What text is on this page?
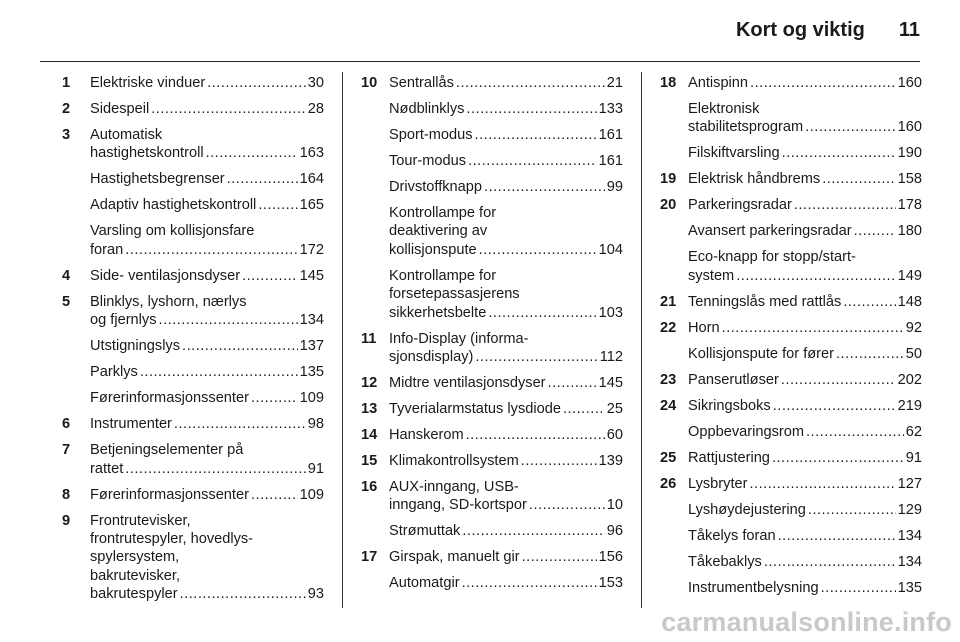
Kort og viktig 11
1 Elektriske vinduer .....	30
2 Sidespeil .....	28
3 Automatisk
hastighetskontroll .....	163
Hastighetsbegrenser .....	164
Adaptiv hastighetskontroll .....	165
Varsling om kollisjonsfare
foran .....	172
4 Side- ventilasjonsdyser .....	145
5 Blinklys, lyshorn, nærlys
og fjernlys .....	134
Utstigningslys .....	137
Parklys .....	135
Førerinformasjonssenter .....	109
6 Instrumenter .....	98
7 Betjeningselementer på
rattet .....	91
8 Førerinformasjonssenter .....	109
9 Frontrutevisker,
frontrutespyler, hovedlys-
spylersystem,
bakrutevisker,
bakrutespyler .....	93
10 Sentrallås .....	21
Nødblinklys .....	133
Sport-modus .....	161
Tour-modus .....	161
Drivstoffknapp .....	99
Kontrollampe for
deaktivering av
kollisjonspute .....	104
Kontrollampe for
forsetepassasjerens
sikkerhetsbelte .....	103
11 Info-Display (informa-
sjonsdisplay) .....	112
12 Midtre ventilasjonsdyser .....	145
13 Tyverialarmstatus lysdiode .....	25
14 Hanskerom .....	60
15 Klimakontrollsystem .....	139
16 AUX-inngang, USB-
inngang, SD-kortspor .....	10
Strømuttak .....	96
17 Girspak, manuelt gir .....	156
Automatgir .....	153
18 Antispinn .....	160
Elektronisk
stabilitetsprogram .....	160
Filskiftvarsling .....	190
19 Elektrisk håndbrems .....	158
20 Parkeringsradar .....	178
Avansert parkeringsradar .....	180
Eco-knapp for stopp/start-
system .....	149
21 Tenningslås med rattlås .....	148
22 Horn .....	92
Kollisjonspute for fører .....	50
23 Panserutløser .....	202
24 Sikringsboks .....	219
Oppbevaringsrom .....	62
25 Rattjustering .....	91
26 Lysbryter .....	127
Lyshøydejustering .....	129
Tåkelys foran .....	134
Tåkebaklys .....	134
Instrumentbelysning .....	135
carmanualsonline.info
